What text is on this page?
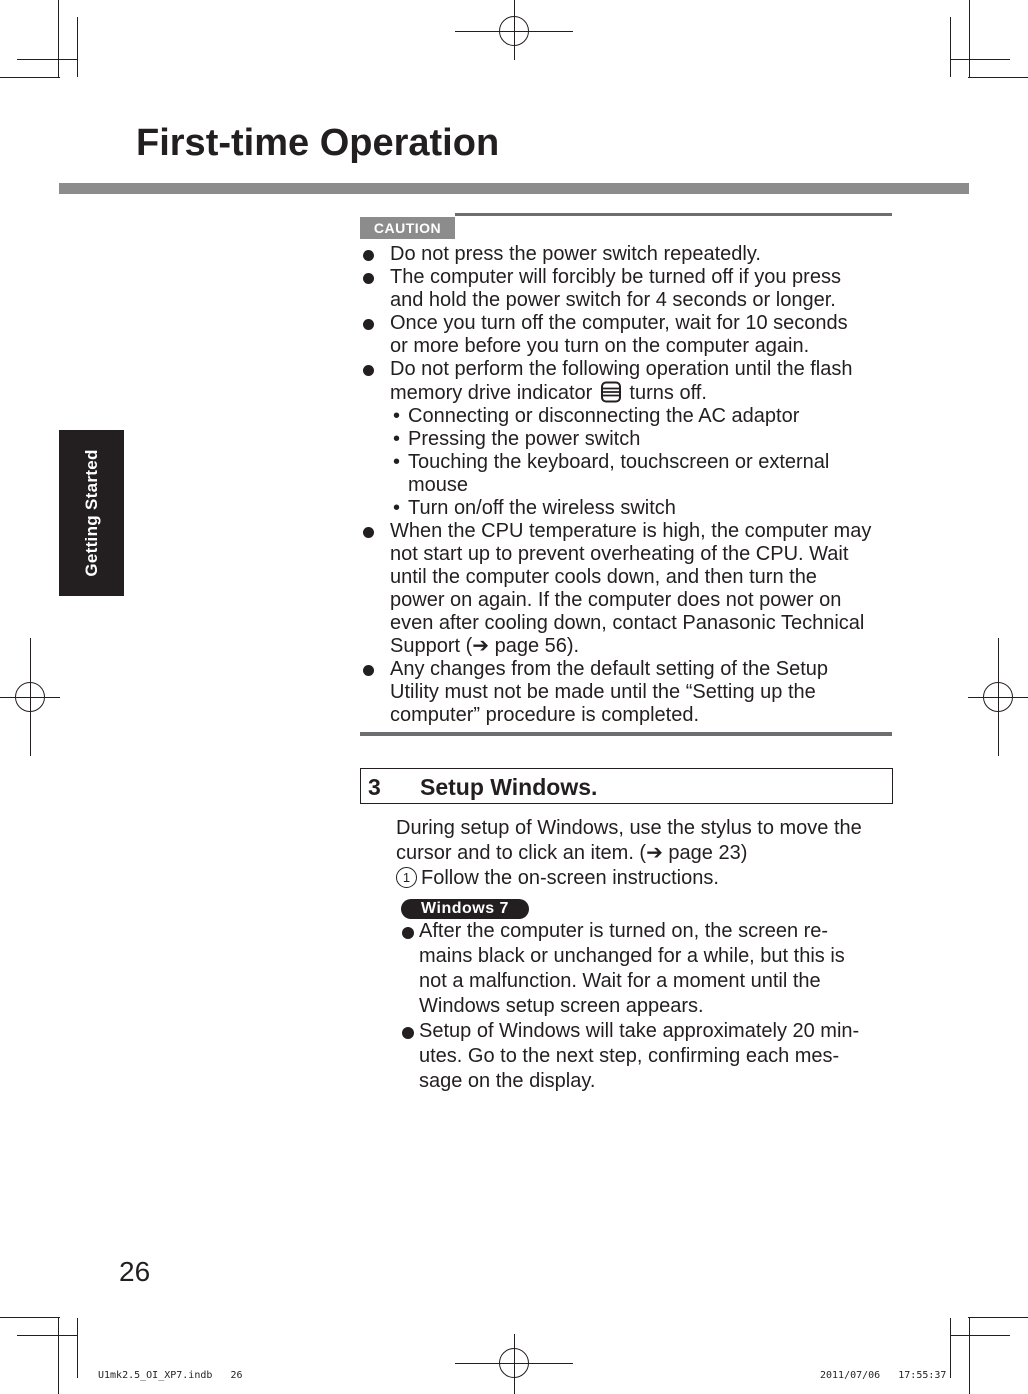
First-time Operation
Getting Started
CAUTION
Do not press the power switch repeatedly.
The computer will forcibly be turned off if you press
and hold the power switch for 4 seconds or longer.
Once you turn off the computer, wait for 10 seconds
or more before you turn on the computer again.
Do not perform the following operation until the flash
memory drive indicator turns off.
• Connecting or disconnecting the AC adaptor
• Pressing the power switch
• Touching the keyboard, touchscreen or external
mouse
• Turn on/off the wireless switch
When the CPU temperature is high, the computer may
not start up to prevent overheating of the CPU. Wait
until the computer cools down, and then turn the
power on again. If the computer does not power on
even after cooling down, contact Panasonic Technical
Support (➔ page 56).
Any changes from the default setting of the Setup
Utility must not be made until the “Setting up the
computer” procedure is completed.
3 Setup Windows.
During setup of Windows, use the stylus to move the
cursor and to click an item. (➔ page 23)
1 Follow the on-screen instructions.
Windows 7
After the computer is turned on, the screen re-
mains black or unchanged for a while, but this is
not a malfunction. Wait for a moment until the
Windows setup screen appears.
Setup of Windows will take approximately 20 min-
utes. Go to the next step, confirming each mes-
sage on the display.
26
U1mk2.5_OI_XP7.indb   26	2011/07/06   17:55:37
